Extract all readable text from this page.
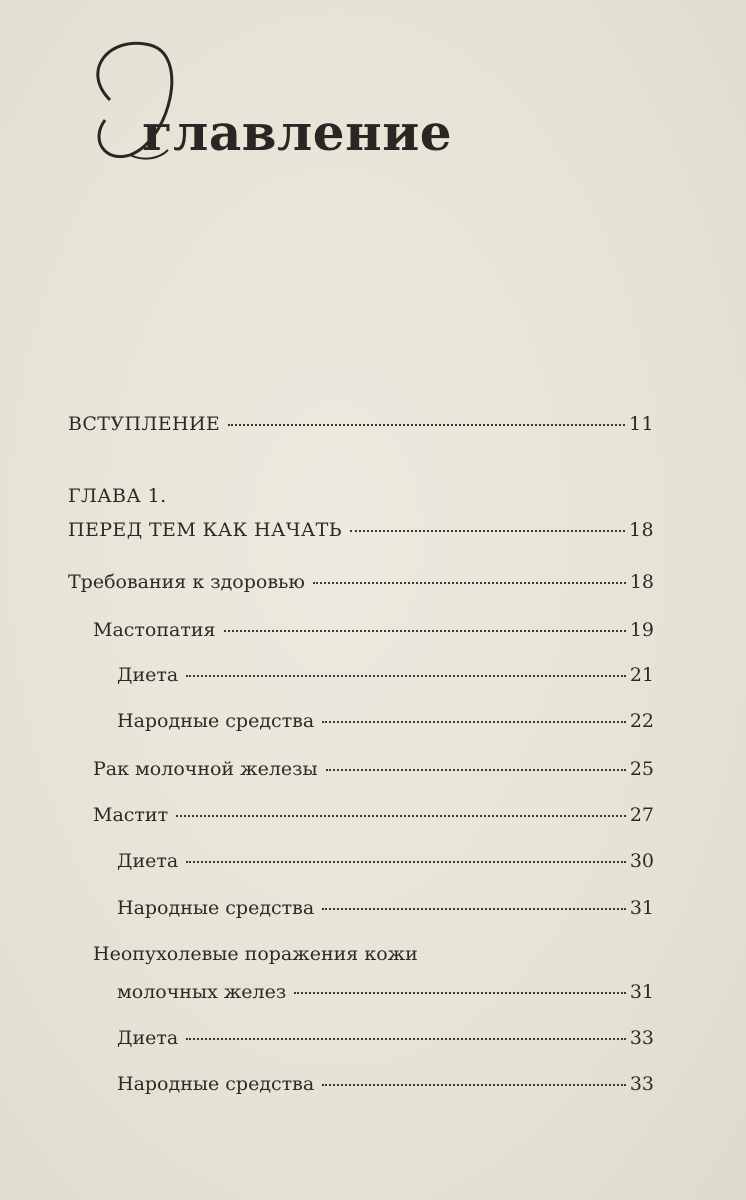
главление
ВСТУПЛЕНИЕ	11
ГЛАВА 1.
ПЕРЕД ТЕМ КАК НАЧАТЬ	18
Требования к здоровью	18
Мастопатия	19
Диета	21
Народные средства	22
Рак молочной железы	25
Мастит	27
Диета	30
Народные средства	31
Неопухолевые поражения кожи
молочных желез	31
Диета	33
Народные средства	33
